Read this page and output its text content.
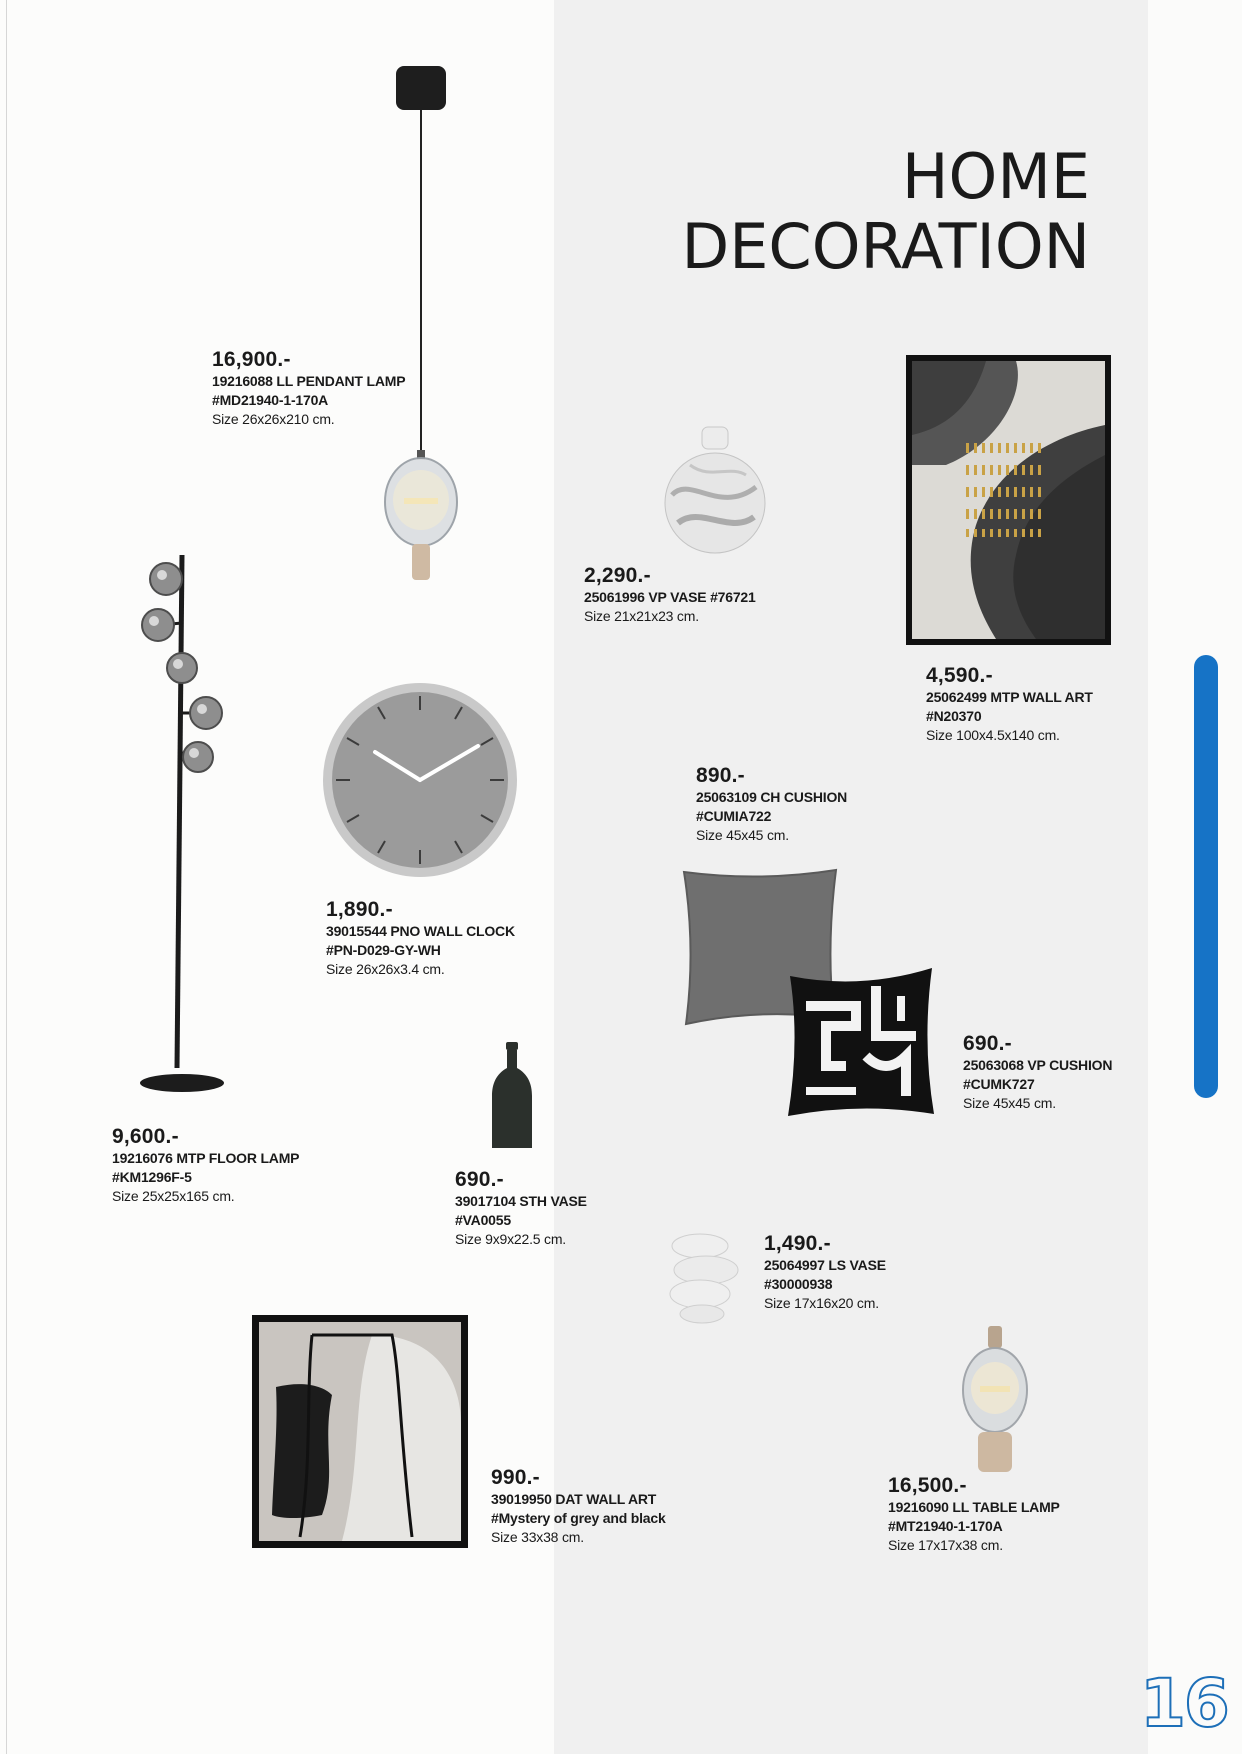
HOME
DECORATION
16
16,900.-
19216088 LL PENDANT LAMP
#MD21940-1-170A
Size 26x26x210 cm.
2,290.-
25061996 VP VASE #76721
Size 21x21x23 cm.
4,590.-
25062499 MTP WALL ART
#N20370
Size 100x4.5x140 cm.
890.-
25063109 CH CUSHION
#CUMIA722
Size 45x45 cm.
1,890.-
39015544 PNO WALL CLOCK
#PN-D029-GY-WH
Size 26x26x3.4 cm.
690.-
25063068 VP CUSHION
#CUMK727
Size 45x45 cm.
9,600.-
19216076 MTP FLOOR LAMP
#KM1296F-5
Size 25x25x165 cm.
690.-
39017104 STH VASE
#VA0055
Size 9x9x22.5 cm.	1,490.-
25064997 LS VASE
#30000938
Size 17x16x20 cm.
990.-
39019950 DAT WALL ART
#Mystery of grey and black
Size 33x38 cm.
16,500.-
19216090 LL TABLE LAMP
#MT21940-1-170A
Size 17x17x38 cm.
